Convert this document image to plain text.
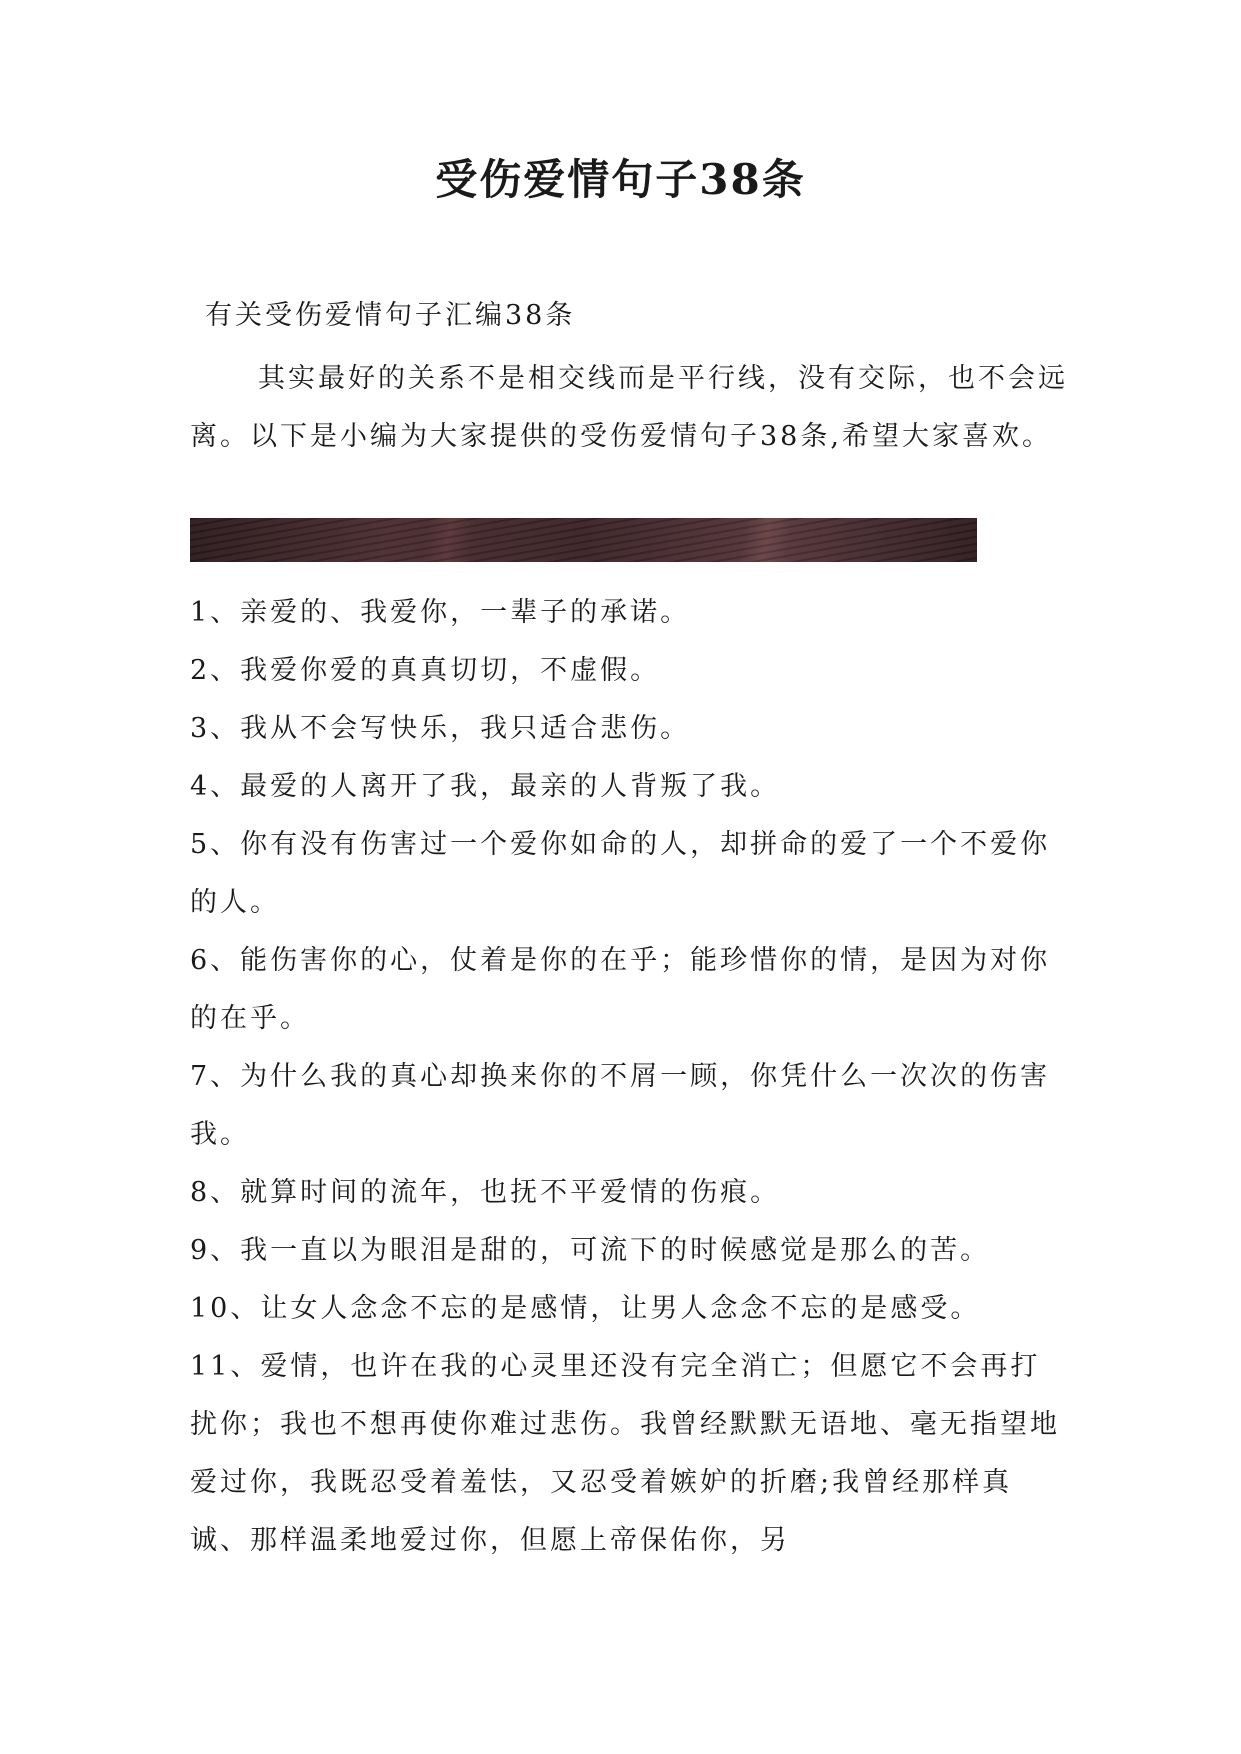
受伤爱情句子38条

有关受伤爱情句子汇编38条

其实最好的关系不是相交线而是平行线，没有交际，也不会远离。以下是小编为大家提供的受伤爱情句子38条,希望大家喜欢。

1、亲爱的、我爱你，一辈子的承诺。
2、我爱你爱的真真切切，不虚假。
3、我从不会写快乐，我只适合悲伤。
4、最爱的人离开了我，最亲的人背叛了我。
5、你有没有伤害过一个爱你如命的人，却拼命的爱了一个不爱你的人。
6、能伤害你的心，仗着是你的在乎；能珍惜你的情，是因为对你的在乎。
7、为什么我的真心却换来你的不屑一顾，你凭什么一次次的伤害我。
8、就算时间的流年，也抚不平爱情的伤痕。
9、我一直以为眼泪是甜的，可流下的时候感觉是那么的苦。
10、让女人念念不忘的是感情，让男人念念不忘的是感受。
11、爱情，也许在我的心灵里还没有完全消亡；但愿它不会再打扰你；我也不想再使你难过悲伤。我曾经默默无语地、毫无指望地爱过你，我既忍受着羞怯，又忍受着嫉妒的折磨;我曾经那样真诚、那样温柔地爱过你，但愿上帝保佑你，另
